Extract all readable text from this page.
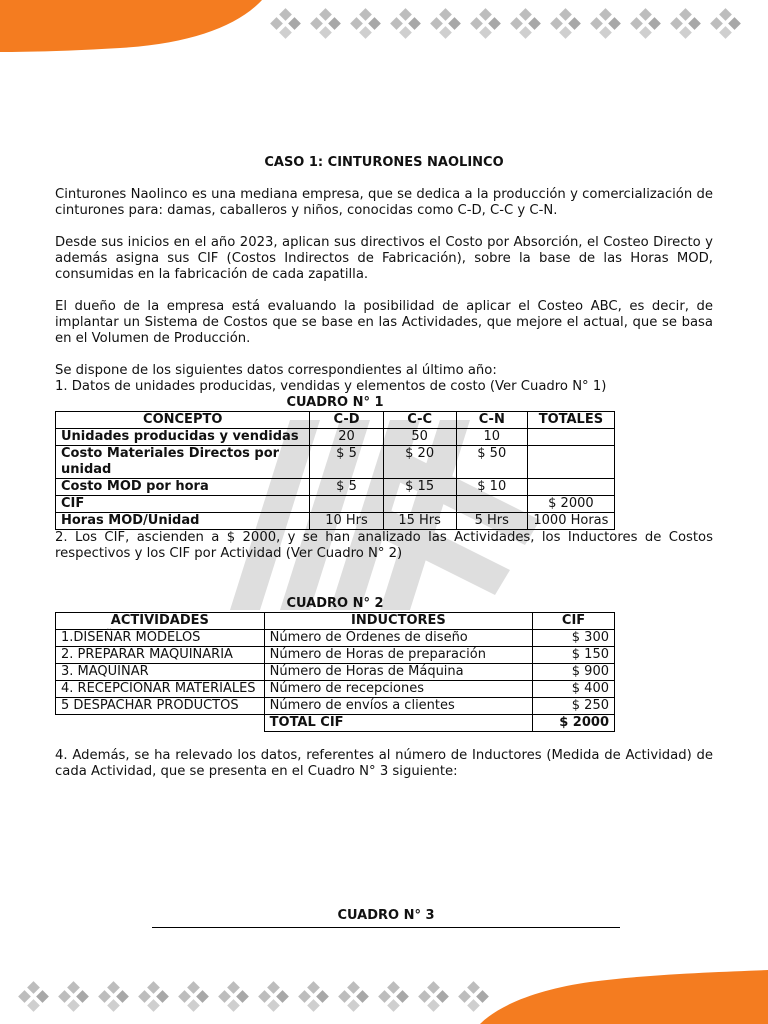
CASO 1: CINTURONES NAOLINCO

Cinturones Naolinco es una mediana empresa, que se dedica a la producción y comercialización de cinturones para: damas, caballeros y niños, conocidas como C-D, C-C y C-N.

Desde sus inicios en el año 2023, aplican sus directivos el Costo por Absorción, el Costeo Directo y además asigna sus CIF (Costos Indirectos de Fabricación), sobre la base de las Horas MOD, consumidas en la fabricación de cada zapatilla.

El dueño de la empresa está evaluando la posibilidad de aplicar el Costeo ABC, es decir, de implantar un Sistema de Costos que se base en las Actividades, que mejore el actual, que se basa en el Volumen de Producción.

Se dispone de los siguientes datos correspondientes al último año:

1. Datos de unidades producidas, vendidas y elementos de costo (Ver Cuadro N° 1)

CUADRO N° 1
CONCEPTO	C-D	C-C	C-N	TOTALES
Unidades producidas y vendidas	20	50	10	
Costo Materiales Directos por unidad	$ 5	$ 20	$ 50	
Costo MOD por hora	$ 5	$ 15	$ 10	
CIF				$ 2000
Horas MOD/Unidad	10 Hrs	15 Hrs	5 Hrs	1000 Horas

2. Los CIF, ascienden a $ 2000, y se han analizado las Actividades, los Inductores de Costos respectivos y los CIF por Actividad (Ver Cuadro N° 2)

CUADRO N° 2
ACTIVIDADES	INDUCTORES	CIF
1.DISEÑAR MODELOS	Número de Ordenes de diseño	$ 300
2. PREPARAR MAQUINARIA	Número de Horas de preparación	$ 150
3. MAQUINAR	Número de Horas de Máquina	$ 900
4. RECEPCIONAR MATERIALES	Número de recepciones	$ 400
5 DESPACHAR PRODUCTOS	Número de envíos a clientes	$ 250
	TOTAL CIF	$ 2000

4. Además, se ha relevado los datos, referentes al número de Inductores (Medida de Actividad) de cada Actividad, que se presenta en el Cuadro N° 3 siguiente:

CUADRO N° 3
